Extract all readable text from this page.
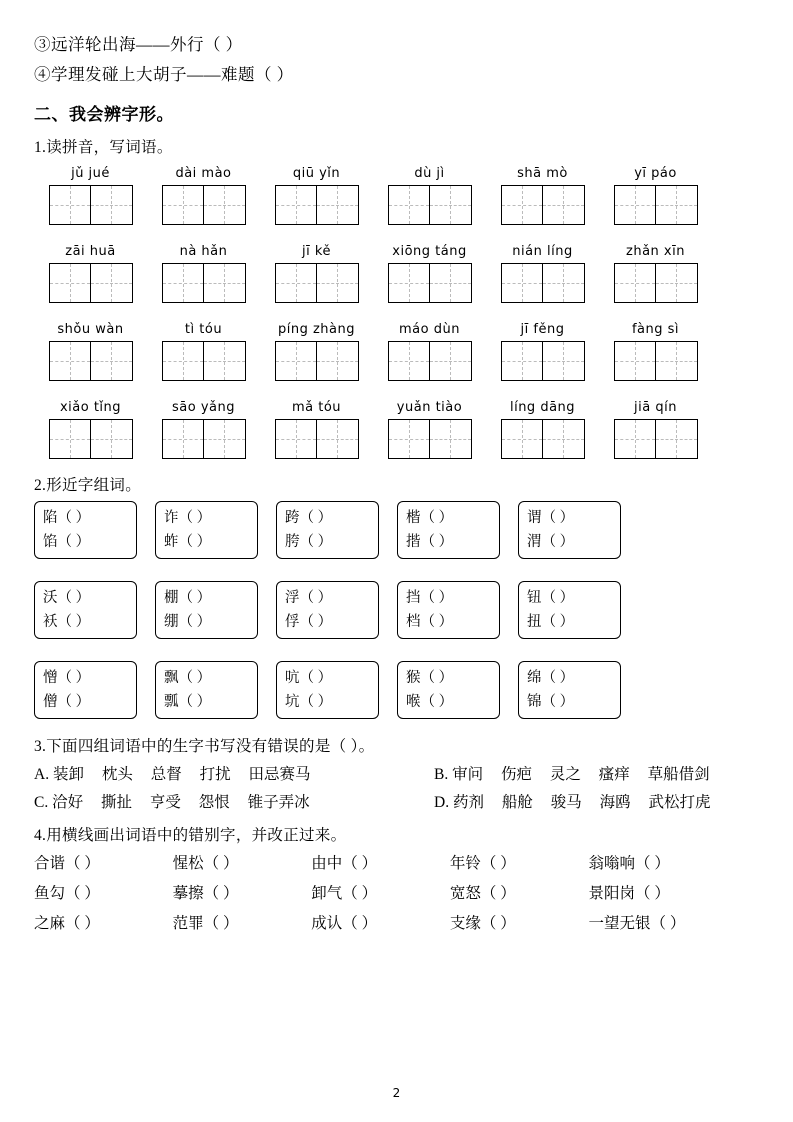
③远洋轮出海——外行（ ）
④学理发碰上大胡子——难题（ ）
二、我会辨字形。
1.读拼音，写词语。
jǔ jué	dài mào	qiū yǐn	dù jì	shā mò	yī páo
zāi huā	nà hǎn	jī kě	xiōng táng	nián líng	zhǎn xīn
shǒu wàn	tì tóu	píng zhàng	máo dùn	jī fěng	fàng sì
xiǎo tǐng	sāo yǎng	mǎ tóu	yuǎn tiào	líng dāng	jiā qín
2.形近字组词。
陷（ ）
馅（ ）
诈（ ）
蚱（ ）
跨（ ）
胯（ ）
楷（ ）
揩（ ）
谓（ ）
渭（ ）
沃（ ）
袄（ ）
棚（ ）
绷（ ）
浮（ ）
俘（ ）
挡（ ）
档（ ）
钮（ ）
扭（ ）
憎（ ）
僧（ ）
飘（ ）
瓢（ ）
吭（ ）
坑（ ）
猴（ ）
喉（ ）
绵（ ）
锦（ ）
3.下面四组词语中的生字书写没有错误的是（ ）。
A. 装卸 枕头 总督 打扰 田忌赛马	B. 审问 伤疤 灵之 瘙痒 草船借剑
C. 洽好 撕扯 亨受 怨恨 锥子弄冰	D. 药剂 船舱 骏马 海鸥 武松打虎
4.用横线画出词语中的错别字，并改正过来。
合谐（ ）	惺松（ ）	由中（ ）	年铃（ ）	翁嗡响（ ）
鱼勾（ ）	摹擦（ ）	卸气（ ）	宽怒（ ）	景阳岗（ ）
之麻（ ）	范罪（ ）	成认（ ）	支缘（ ）	一望无银（ ）
2
